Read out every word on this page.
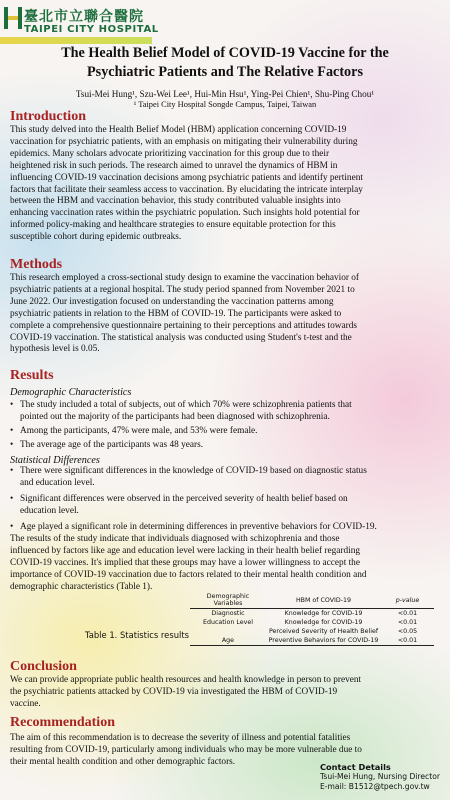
臺北市立聯合醫院
TAIPEI CITY HOSPITAL
The Health Belief Model of COVID-19 Vaccine for the
Psychiatric Patients and The Relative Factors
Tsui-Mei Hung¹, Szu-Wei Lee¹, Hui-Min Hsu¹, Ying-Pei Chien¹, Shu-Ping Chou¹
¹ Taipei City Hospital Songde Campus, Taipei, Taiwan
Introduction
This study delved into the Health Belief Model (HBM) application concerning COVID-19
vaccination for psychiatric patients, with an emphasis on mitigating their vulnerability during
epidemics. Many scholars advocate prioritizing vaccination for this group due to their
heightened risk in such periods. The research aimed to unravel the dynamics of HBM in
influencing COVID-19 vaccination decisions among psychiatric patients and identify pertinent
factors that facilitate their seamless access to vaccination. By elucidating the intricate interplay
between the HBM and vaccination behavior, this study contributed valuable insights into
enhancing vaccination rates within the psychiatric population. Such insights hold potential for
informed policy-making and healthcare strategies to ensure equitable protection for this
susceptible cohort during epidemic outbreaks.
Methods
This research employed a cross-sectional study design to examine the vaccination behavior of
psychiatric patients at a regional hospital. The study period spanned from November 2021 to
June 2022. Our investigation focused on understanding the vaccination patterns among
psychiatric patients in relation to the HBM of COVID-19. The participants were asked to
complete a comprehensive questionnaire pertaining to their perceptions and attitudes towards
COVID-19 vaccination. The statistical analysis was conducted using Student's t-test and the
hypothesis level is 0.05.
Results
Demographic Characteristics
• The study included a total of subjects, out of which 70% were schizophrenia patients that
pointed out the majority of the participants had been diagnosed with schizophrenia.
• Among the participants, 47% were male, and 53% were female.
• The average age of the participants was 48 years.
Statistical Differences
• There were significant differences in the knowledge of COVID-19 based on diagnostic status
and education level.
• Significant differences were observed in the perceived severity of health belief based on
education level.
• Age played a significant role in determining differences in preventive behaviors for COVID-19.
The results of the study indicate that individuals diagnosed with schizophrenia and those
influenced by factors like age and education level were lacking in their health belief regarding
COVID-19 vaccines. It's implied that these groups may have a lower willingness to accept the
importance of COVID-19 vaccination due to factors related to their mental health condition and
demographic characteristics (Table 1).
Table 1. Statistics results
Demographic Variables	HBM of COVID-19	p-value
Diagnostic	Knowledge for COVID-19	<0.01
Education Level	Knowledge for COVID-19	<0.01
	Perceived Severity of Health Belief	<0.05
Age	Preventive Behaviors for COVID-19	<0.01
Conclusion
We can provide appropriate public health resources and health knowledge in person to prevent
the psychiatric patients attacked by COVID-19 via investigated the HBM of COVID-19
vaccine.
Recommendation
The aim of this recommendation is to decrease the severity of illness and potential fatalities
resulting from COVID-19, particularly among individuals who may be more vulnerable due to
their mental health condition and other demographic factors.
Contact Details
Tsui-Mei Hung, Nursing Director
E-mail: B1512@tpech.gov.tw
